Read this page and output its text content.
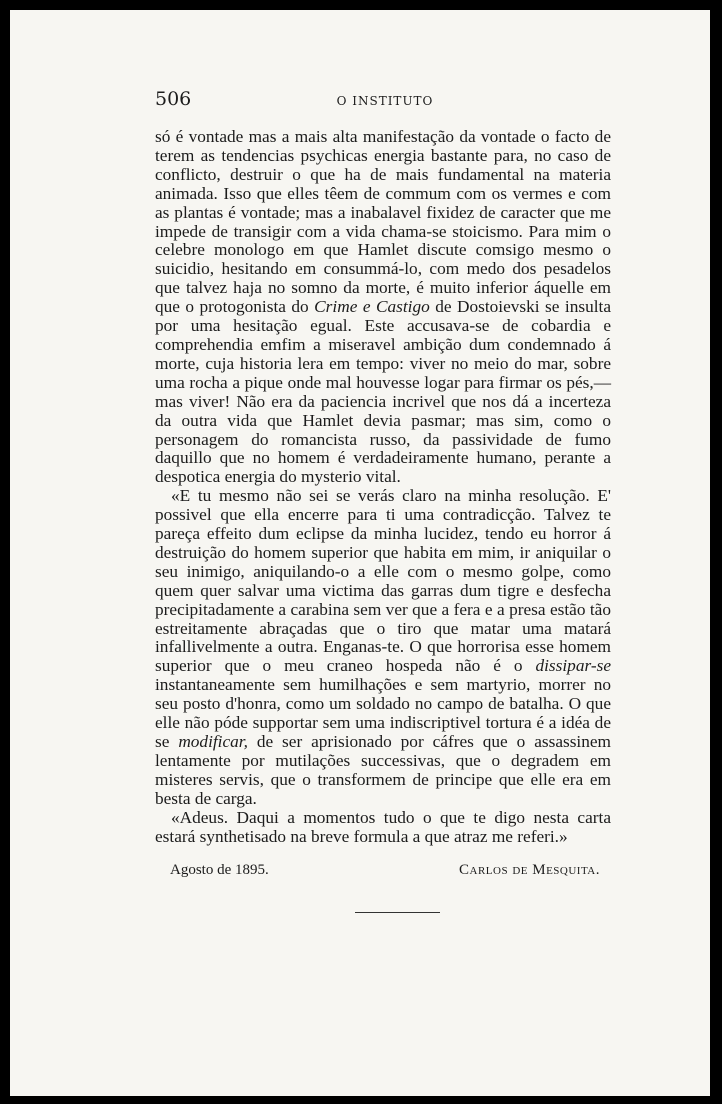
506	O INSTITUTO

só é vontade mas a mais alta manifestação da vontade o facto de terem as tendencias psychicas energia bastante para, no caso de conflicto, destruir o que ha de mais fundamental na materia animada. Isso que elles têem de commum com os vermes e com as plantas é vontade; mas a inabalavel fixidez de caracter que me impede de transigir com a vida chama-se stoicismo. Para mim o celebre monologo em que Hamlet discute comsigo mesmo o suicidio, hesitando em consummá-lo, com medo dos pesadelos que talvez haja no somno da morte, é muito inferior áquelle em que o protogonista do Crime e Castigo de Dostoievski se insulta por uma hesitação egual. Este accusava-se de cobardia e comprehendia emfim a miseravel ambição dum condemnado á morte, cuja historia lera em tempo: viver no meio do mar, sobre uma rocha a pique onde mal houvesse logar para firmar os pés,—mas viver! Não era da paciencia incrivel que nos dá a incerteza da outra vida que Hamlet devia pasmar; mas sim, como o personagem do romancista russo, da passividade de fumo daquillo que no homem é verdadeiramente humano, perante a despotica energia do mysterio vital.

«E tu mesmo não sei se verás claro na minha resolução. E' possivel que ella encerre para ti uma contradicção. Talvez te pareça effeito dum eclipse da minha lucidez, tendo eu horror á destruição do homem superior que habita em mim, ir aniquilar o seu inimigo, aniquilando-o a elle com o mesmo golpe, como quem quer salvar uma victima das garras dum tigre e desfecha precipitadamente a carabina sem ver que a fera e a presa estão tão estreitamente abraçadas que o tiro que matar uma matará infallivelmente a outra. Enganas-te. O que horrorisa esse homem superior que o meu craneo hospeda não é o dissipar-se instantaneamente sem humilhações e sem martyrio, morrer no seu posto d'honra, como um soldado no campo de batalha. O que elle não póde supportar sem uma indiscriptivel tortura é a idéa de se modificar, de ser aprisionado por cáfres que o assassinem lentamente por mutilações successivas, que o degradem em misteres servis, que o transformem de principe que elle era em besta de carga.

«Adeus. Daqui a momentos tudo o que te digo nesta carta estará synthetisado na breve formula a que atraz me referi.»

Agosto de 1895.	Carlos de Mesquita.
